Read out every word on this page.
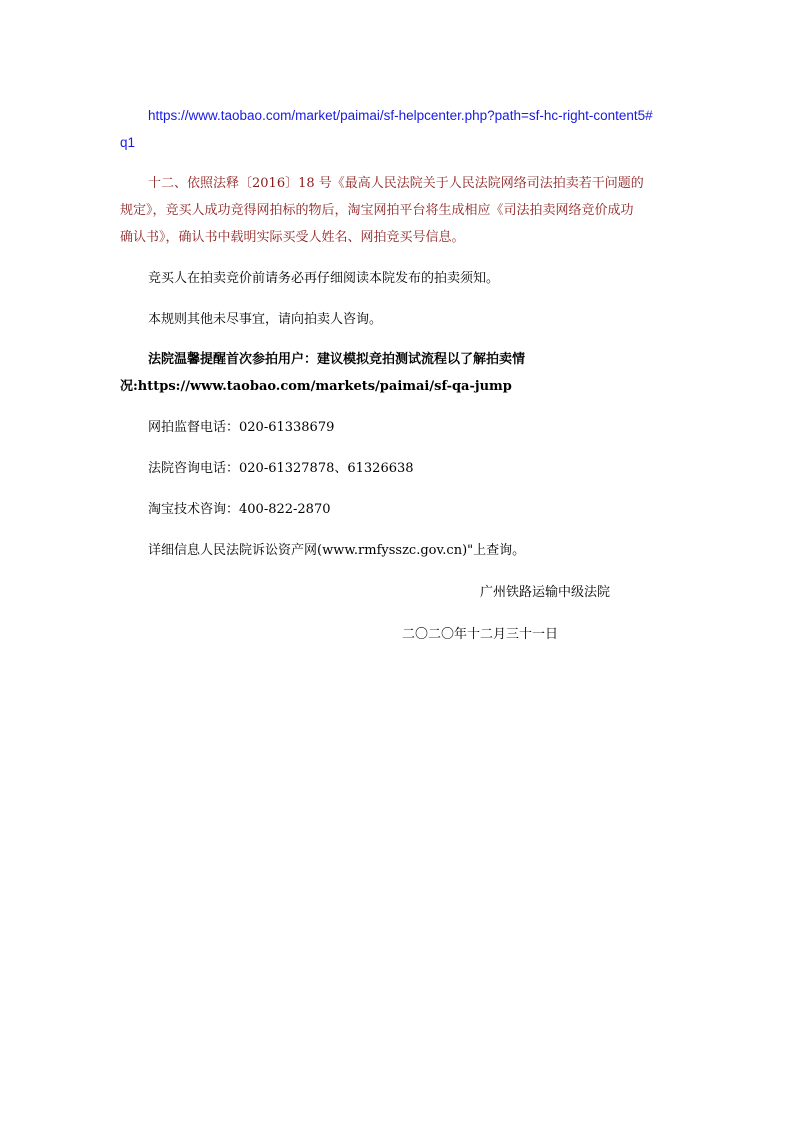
https://www.taobao.com/market/paimai/sf-helpcenter.php?path=sf-hc-right-content5#
q1
十二、依照法释〔2016〕18 号《最高人民法院关于人民法院网络司法拍卖若干问题的
规定》，竞买人成功竞得网拍标的物后，淘宝网拍平台将生成相应《司法拍卖网络竞价成功
确认书》，确认书中载明实际买受人姓名、网拍竞买号信息。
竞买人在拍卖竞价前请务必再仔细阅读本院发布的拍卖须知。
本规则其他未尽事宜，请向拍卖人咨询。
法院温馨提醒首次参拍用户：建议模拟竞拍测试流程以了解拍卖情
况:https://www.taobao.com/markets/paimai/sf-qa-jump
网拍监督电话：020-61338679
法院咨询电话：020-61327878、61326638
淘宝技术咨询：400-822-2870
详细信息人民法院诉讼资产网(www.rmfysszc.gov.cn)"上查询。
广州铁路运输中级法院
二〇二〇年十二月三十一日
